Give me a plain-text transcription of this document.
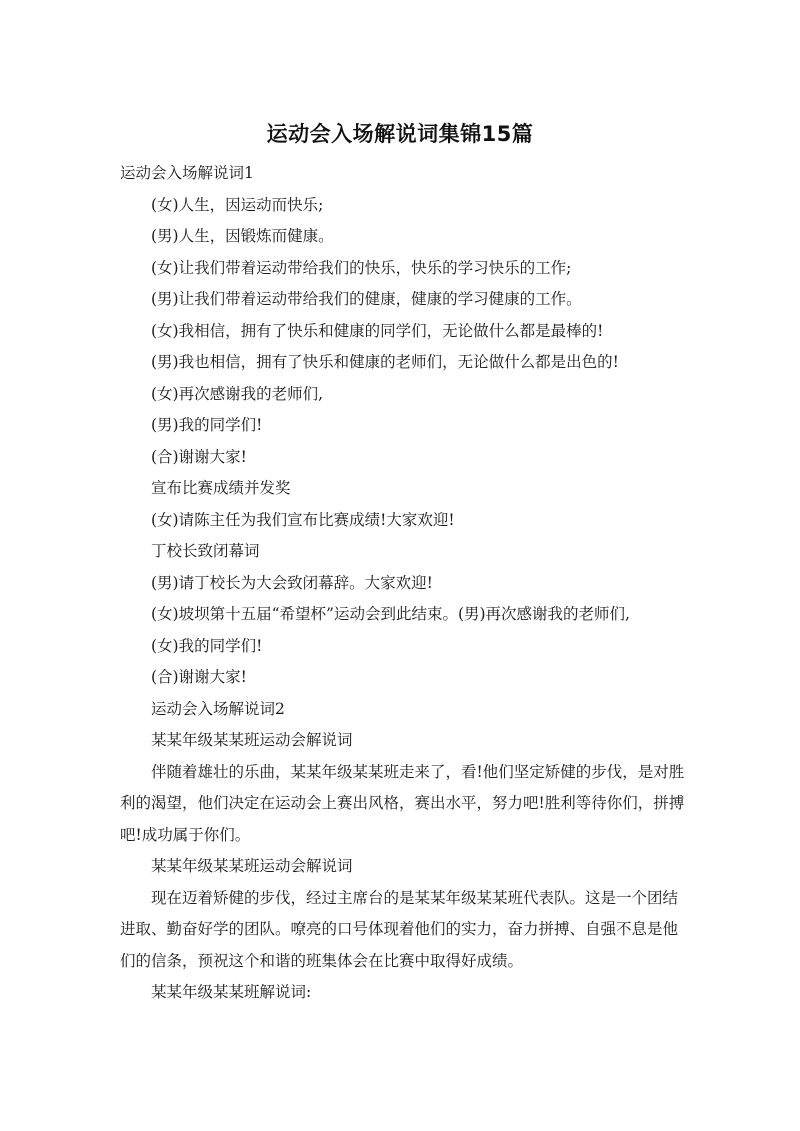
运动会入场解说词集锦15篇

运动会入场解说词1

(女)人生，因运动而快乐;

(男)人生，因锻炼而健康。

(女)让我们带着运动带给我们的快乐，快乐的学习快乐的工作;

(男)让我们带着运动带给我们的健康，健康的学习健康的工作。

(女)我相信，拥有了快乐和健康的同学们，无论做什么都是最棒的!

(男)我也相信，拥有了快乐和健康的老师们，无论做什么都是出色的!

(女)再次感谢我的老师们,

(男)我的同学们!

(合)谢谢大家!

宣布比赛成绩并发奖

(女)请陈主任为我们宣布比赛成绩!大家欢迎!

丁校长致闭幕词

(男)请丁校长为大会致闭幕辞。大家欢迎!

(女)坡坝第十五届“希望杯”运动会到此结束。(男)再次感谢我的老师们,

(女)我的同学们!

(合)谢谢大家!

运动会入场解说词2

某某年级某某班运动会解说词

伴随着雄壮的乐曲，某某年级某某班走来了，看!他们坚定矫健的步伐，是对胜利的渴望，他们决定在运动会上赛出风格，赛出水平，努力吧!胜利等待你们，拼搏吧!成功属于你们。

某某年级某某班运动会解说词

现在迈着矫健的步伐，经过主席台的是某某年级某某班代表队。这是一个团结进取、勤奋好学的团队。嘹亮的口号体现着他们的实力，奋力拼搏、自强不息是他们的信条，预祝这个和谐的班集体会在比赛中取得好成绩。

某某年级某某班解说词:
